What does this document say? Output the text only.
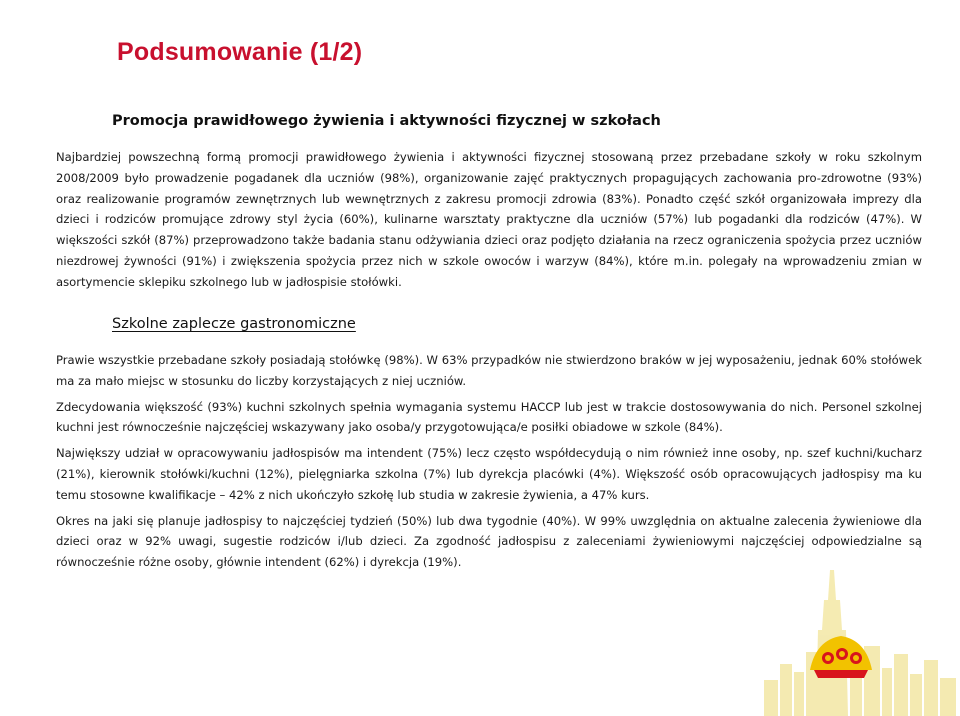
Podsumowanie (1/2)
Promocja prawidłowego żywienia i aktywności fizycznej w szkołach
Najbardziej powszechną formą promocji prawidłowego żywienia i aktywności fizycznej stosowaną przez przebadane szkoły w roku szkolnym 2008/2009 było prowadzenie pogadanek dla uczniów (98%), organizowanie zajęć praktycznych propagujących zachowania pro-zdrowotne (93%) oraz realizowanie programów zewnętrznych lub wewnętrznych z zakresu promocji zdrowia (83%). Ponadto część szkół organizowała imprezy dla dzieci i rodziców promujące zdrowy styl życia (60%), kulinarne warsztaty praktyczne dla uczniów (57%) lub pogadanki dla rodziców (47%). W większości szkół (87%) przeprowadzono także badania stanu odżywiania dzieci oraz podjęto działania na rzecz ograniczenia spożycia przez uczniów niezdrowej żywności (91%) i zwiększenia spożycia przez nich w szkole owoców i warzyw (84%), które m.in. polegały na wprowadzeniu zmian w asortymencie sklepiku szkolnego lub w jadłospisie stołówki.
Szkolne zaplecze gastronomiczne

Prawie wszystkie przebadane szkoły posiadają stołówkę (98%). W 63% przypadków nie stwierdzono braków w jej wyposażeniu, jednak 60% stołówek ma za mało miejsc w stosunku do liczby korzystających z niej uczniów.

Zdecydowania większość (93%) kuchni szkolnych spełnia wymagania systemu HACCP lub jest w trakcie dostosowywania do nich. Personel szkolnej kuchni jest równocześnie najczęściej wskazywany jako osoba/y przygotowująca/e posiłki obiadowe w szkole (84%).

Największy udział w opracowywaniu jadłospisów ma intendent (75%) lecz często współdecydują o nim również inne osoby, np. szef kuchni/kucharz (21%), kierownik stołówki/kuchni (12%), pielęgniarka szkolna (7%) lub dyrekcja placówki (4%). Większość osób opracowujących jadłospisy ma ku temu stosowne kwalifikacje – 42% z nich ukończyło szkołę lub studia w zakresie żywienia, a 47% kurs.

Okres na jaki się planuje jadłospisy to najczęściej tydzień (50%) lub dwa tygodnie (40%). W 99% uwzględnia on aktualne zalecenia żywieniowe dla dzieci oraz w 92% uwagi, sugestie rodziców i/lub dzieci. Za zgodność jadłospisu z zaleceniami żywieniowymi najczęściej odpowiedzialne są równocześnie różne osoby, głównie intendent (62%) i dyrekcja (19%).
